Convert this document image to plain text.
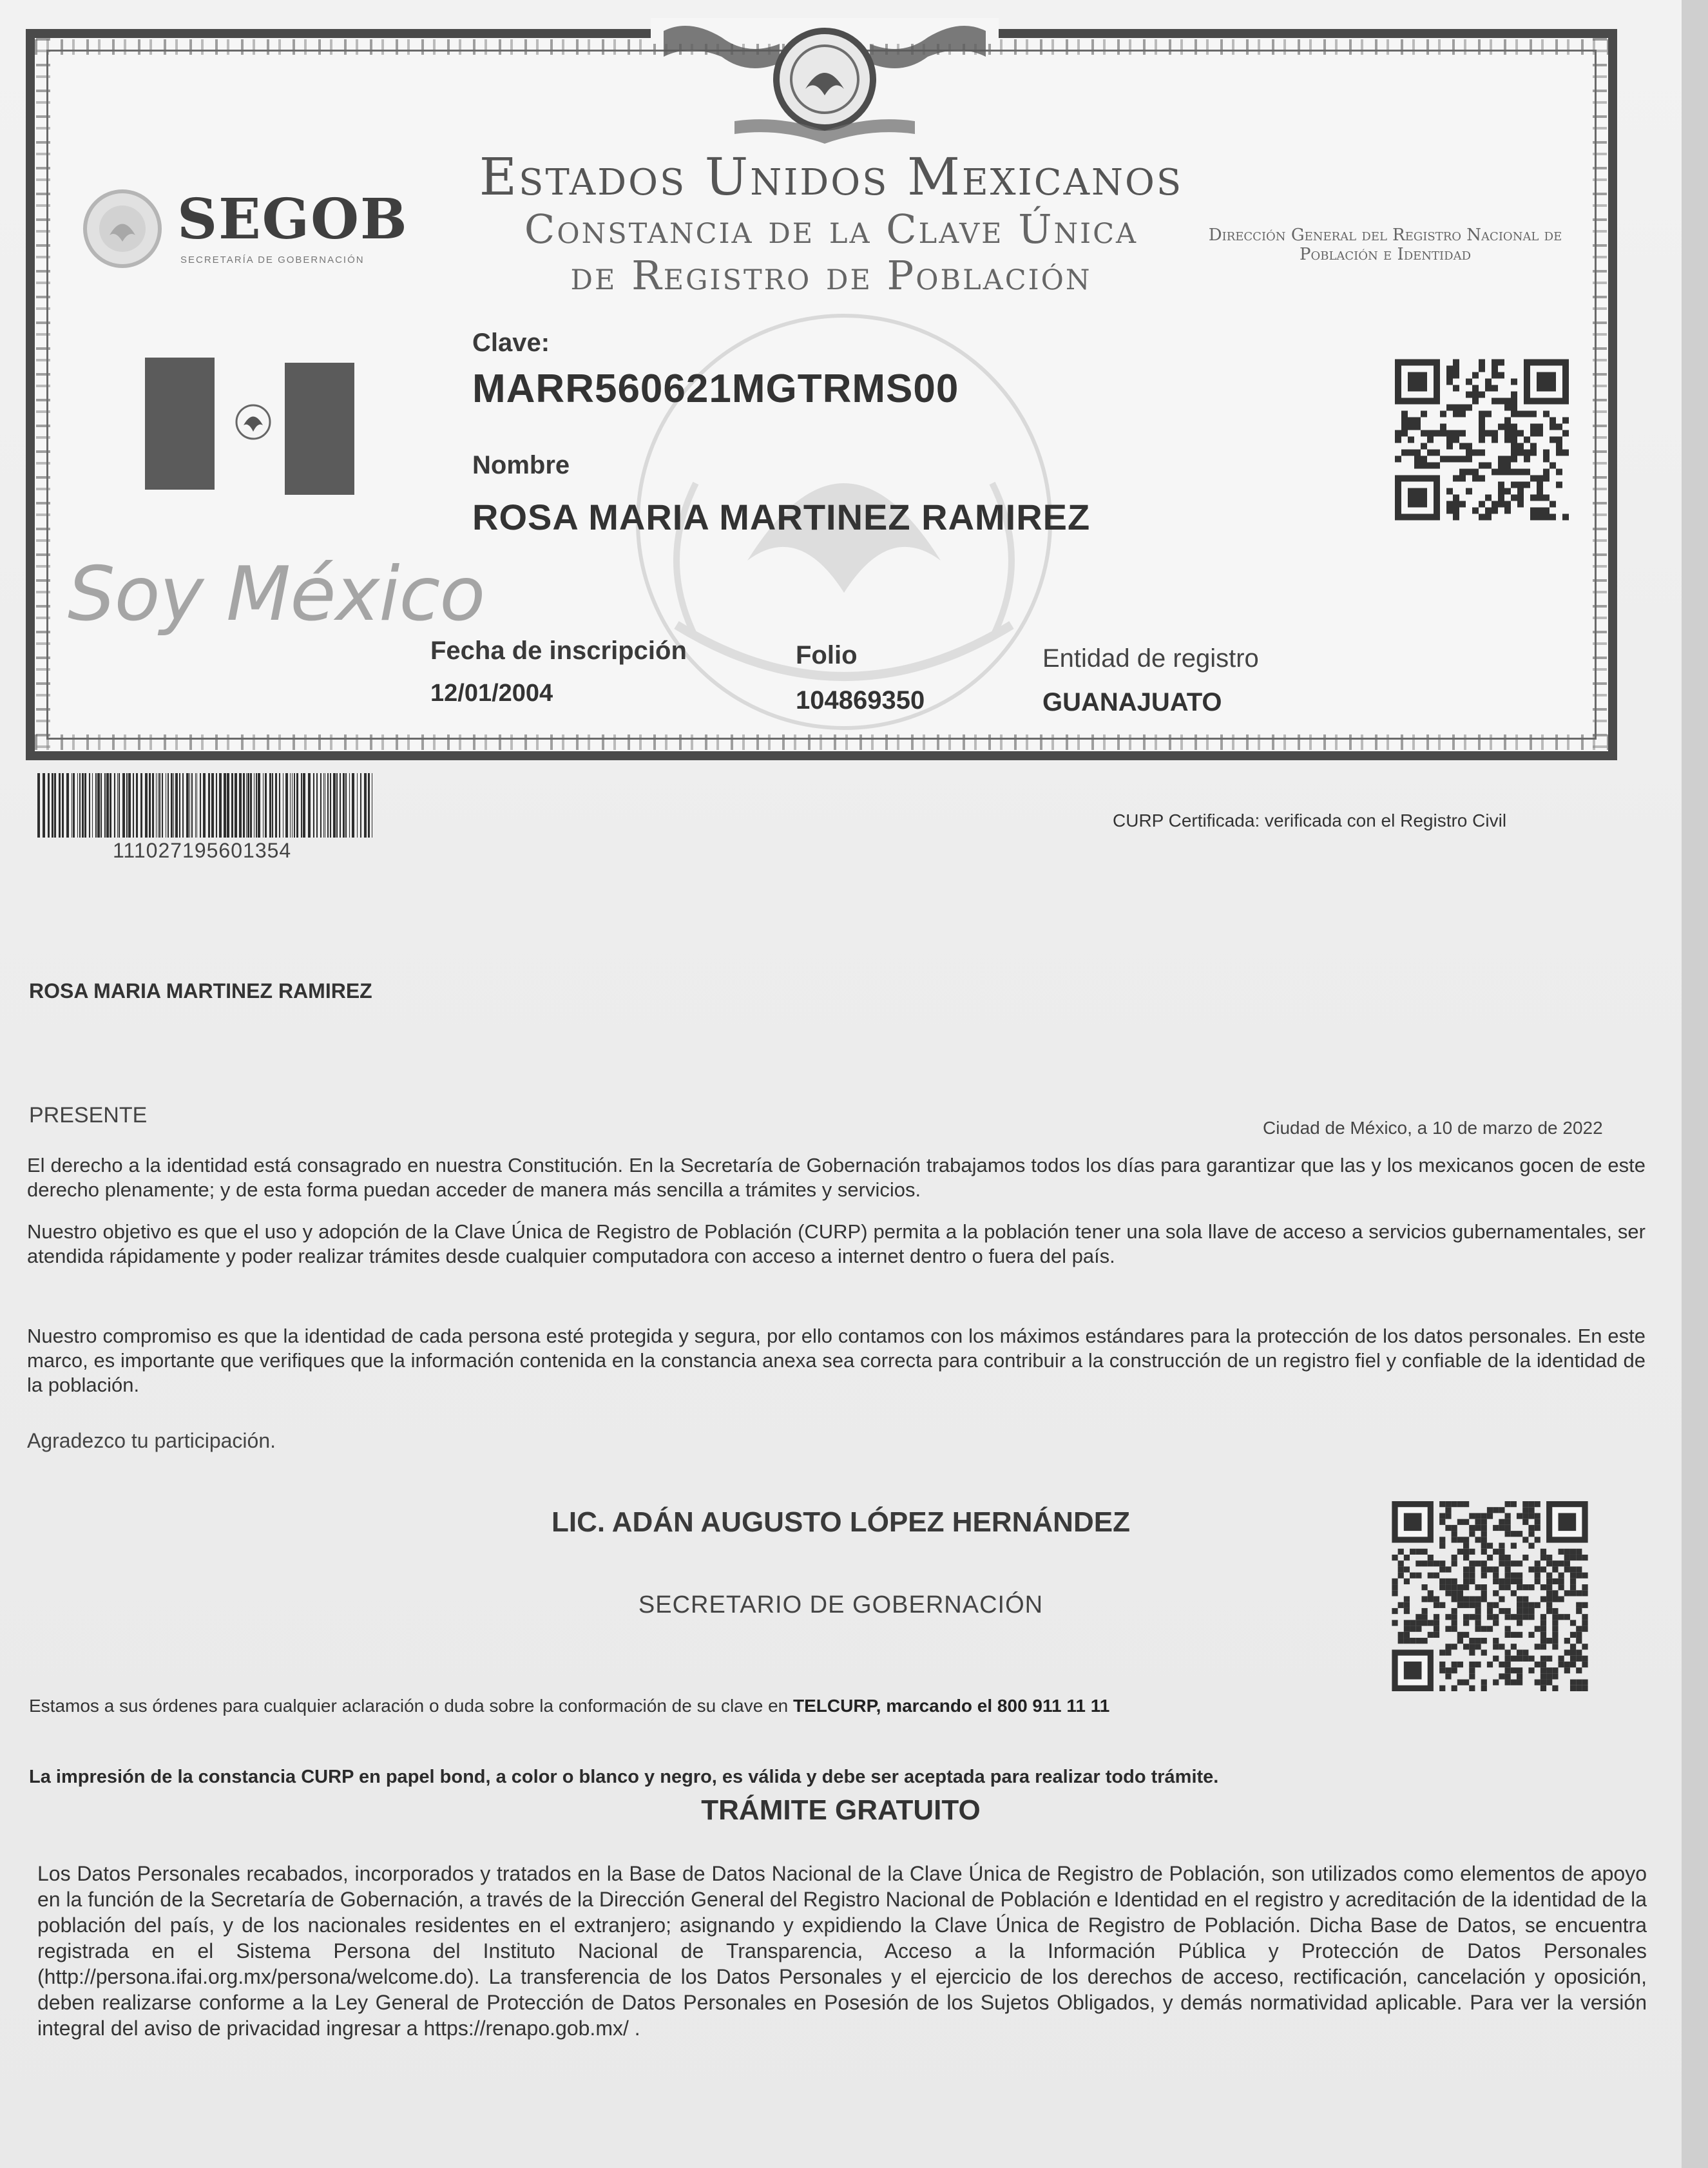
SEGOB
SECRETARÍA DE GOBERNACIÓN
Estados Unidos Mexicanos
Constancia de la Clave Única
de Registro de Población
Dirección General del Registro Nacional de Población e Identidad
Soy México
Clave:
MARR560621MGTRMS00
Nombre
ROSA MARIA MARTINEZ RAMIREZ
Fecha de inscripción
12/01/2004
Folio
104869350
Entidad de registro
GUANAJUATO
111027195601354
CURP Certificada: verificada con el Registro Civil
ROSA MARIA MARTINEZ RAMIREZ
PRESENTE
Ciudad de México, a 10 de marzo de 2022
El derecho a la identidad está consagrado en nuestra Constitución. En la Secretaría de Gobernación trabajamos todos los días para garantizar que las y los mexicanos gocen de este derecho plenamente; y de esta forma puedan acceder de manera más sencilla a trámites y servicios.
Nuestro objetivo es que el uso y adopción de la Clave Única de Registro de Población (CURP) permita a la población tener una sola llave de acceso a servicios gubernamentales, ser atendida rápidamente y poder realizar trámites desde cualquier computadora con acceso a internet dentro o fuera del país.
Nuestro compromiso es que la identidad de cada persona esté protegida y segura, por ello contamos con los máximos estándares para la protección de los datos personales. En este marco, es importante que verifiques que la información contenida en la constancia anexa sea correcta para contribuir a la construcción de un registro fiel y confiable de la identidad de la población.
Agradezco tu participación.
LIC. ADÁN AUGUSTO LÓPEZ HERNÁNDEZ
SECRETARIO DE GOBERNACIÓN
Estamos a sus órdenes para cualquier aclaración o duda sobre la conformación de su clave en TELCURP, marcando el 800 911 11 11
La impresión de la constancia CURP en papel bond, a color o blanco y negro, es válida y debe ser aceptada para realizar todo trámite.
TRÁMITE GRATUITO
Los Datos Personales recabados, incorporados y tratados en la Base de Datos Nacional de la Clave Única de Registro de Población, son utilizados como elementos de apoyo en la función de la Secretaría de Gobernación, a través de la Dirección General del Registro Nacional de Población e Identidad en el registro y acreditación de la identidad de la población del país, y de los nacionales residentes en el extranjero; asignando y expidiendo la Clave Única de Registro de Población. Dicha Base de Datos, se encuentra registrada en el Sistema Persona del Instituto Nacional de Transparencia, Acceso a la Información Pública y Protección de Datos Personales (http://persona.ifai.org.mx/persona/welcome.do). La transferencia de los Datos Personales y el ejercicio de los derechos de acceso, rectificación, cancelación y oposición, deben realizarse conforme a la Ley General de Protección de Datos Personales en Posesión de los Sujetos Obligados, y demás normatividad aplicable. Para ver la versión integral del aviso de privacidad ingresar a https://renapo.gob.mx/ .
